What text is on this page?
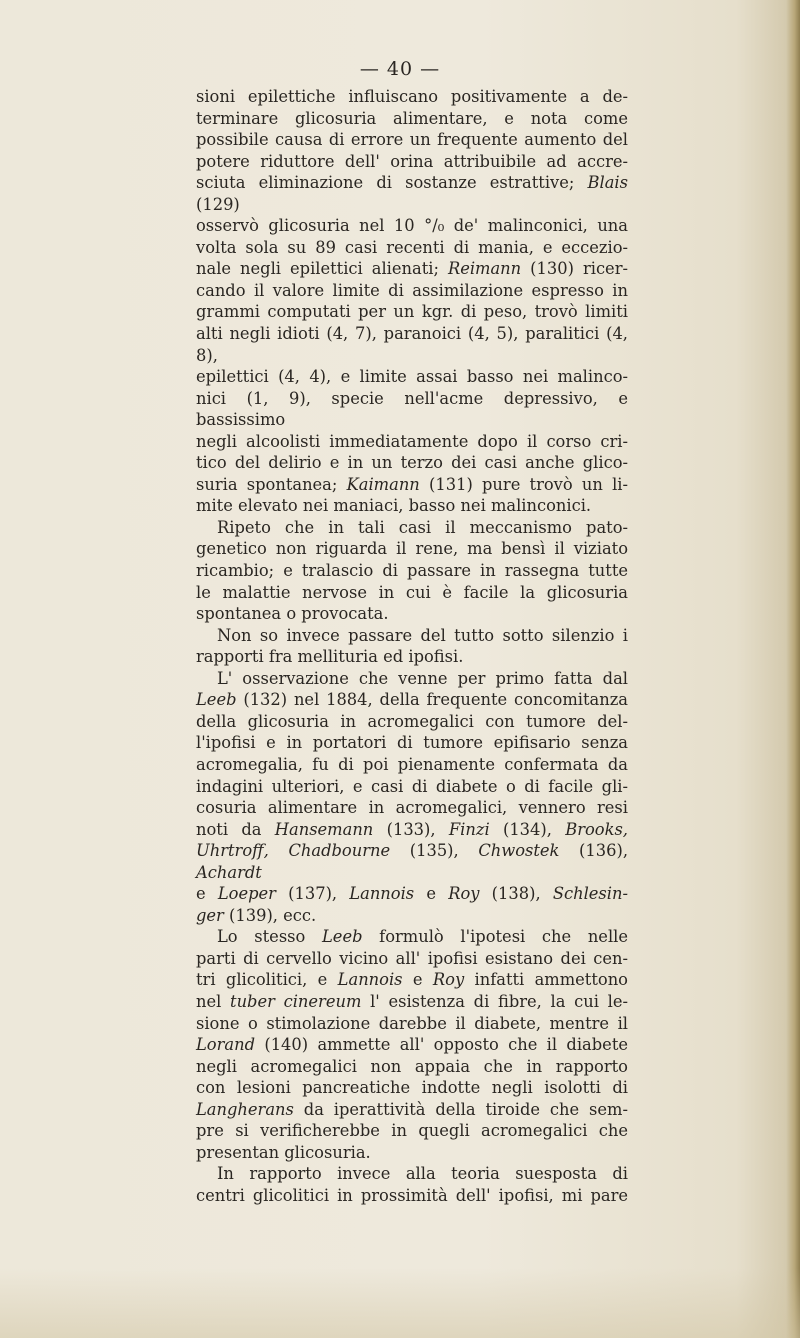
— 40 —

sioni epilettiche influiscano positivamente a de-

terminare glicosuria alimentare, e nota come

possibile causa di errore un frequente aumento del

potere riduttore dell' orina attribuibile ad accre-

sciuta eliminazione di sostanze estrattive; Blais (129)

osservò glicosuria nel 10 °/₀ de' malinconici, una

volta sola su 89 casi recenti di mania, e eccezio-

nale negli epilettici alienati; Reimann (130) ricer-

cando il valore limite di assimilazione espresso in

grammi computati per un kgr. di peso, trovò limiti

alti negli idioti (4, 7), paranoici (4, 5), paralitici (4, 8),

epilettici (4, 4), e limite assai basso nei malinco-

nici (1, 9), specie nell'acme depressivo, e bassissimo

negli alcoolisti immediatamente dopo il corso cri-

tico del delirio e in un terzo dei casi anche glico-

suria spontanea; Kaimann (131) pure trovò un li-

mite elevato nei maniaci, basso nei malinconici.

Ripeto che in tali casi il meccanismo pato-

genetico non riguarda il rene, ma bensì il viziato

ricambio; e tralascio di passare in rassegna tutte

le malattie nervose in cui è facile la glicosuria

spontanea o provocata.

Non so invece passare del tutto sotto silenzio i

rapporti fra mellituria ed ipofisi.

L' osservazione che venne per primo fatta dal

Leeb (132) nel 1884, della frequente concomitanza

della glicosuria in acromegalici con tumore del-

l'ipofisi e in portatori di tumore epifisario senza

acromegalia, fu di poi pienamente confermata da

indagini ulteriori, e casi di diabete o di facile gli-

cosuria alimentare in acromegalici, vennero resi

noti da Hansemann (133), Finzi (134), Brooks,

Uhrtroff, Chadbourne (135), Chwostek (136), Achardt

e Loeper (137), Lannois e Roy (138), Schlesin-

ger (139), ecc.

Lo stesso Leeb formulò l'ipotesi che nelle

parti di cervello vicino all' ipofisi esistano dei cen-

tri glicolitici, e Lannois e Roy infatti ammettono

nel tuber cinereum l' esistenza di fibre, la cui le-

sione o stimolazione darebbe il diabete, mentre il

Lorand (140) ammette all' opposto che il diabete

negli acromegalici non appaia che in rapporto

con lesioni pancreatiche indotte negli isolotti di

Langherans da iperattività della tiroide che sem-

pre si verificherebbe in quegli acromegalici che

presentan glicosuria.

In rapporto invece alla teoria suesposta di

centri glicolitici in prossimità dell' ipofisi, mi pare
